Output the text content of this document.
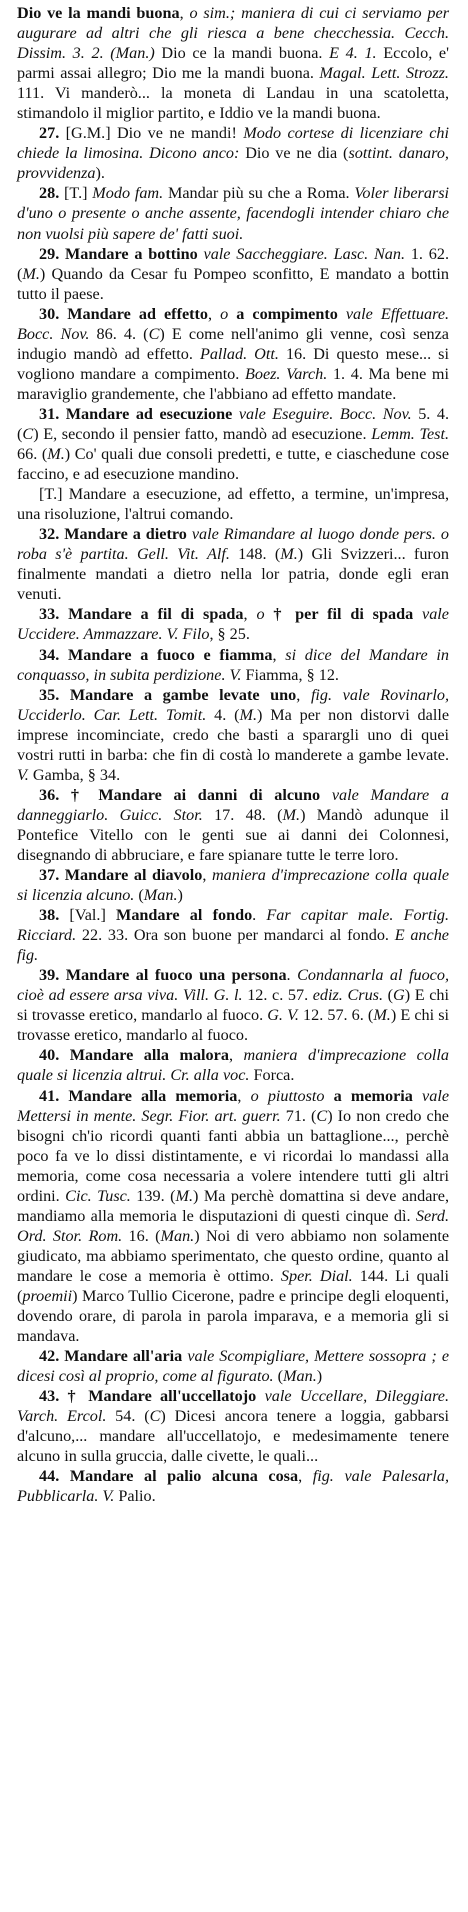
Dio ve la mandi buona, o sim.; maniera di cui ci serviamo per augurare ad altri che gli riesca a bene checchessia. Cecch. Dissim. 3. 2. (Man.) Dio ce la mandi buona. E 4. 1. Eccolo, e' parmi assai allegro; Dio me la mandi buona. Magal. Lett. Strozz. 111. Vi manderò... la moneta di Landau in una scatoletta, stimandolo il miglior partito, e Iddio ve la mandi buona.

27. [G.M.] Dio ve ne mandi! Modo cortese di licenziare chi chiede la limosina. Dicono anco: Dio ve ne dia (sottint. danaro, provvidenza).

28. [T.] Modo fam. Mandar più su che a Roma. Voler liberarsi d'uno o presente o anche assente, facendogli intender chiaro che non vuolsi più sapere de' fatti suoi.

29. Mandare a bottino vale Saccheggiare. Lasc. Nan. 1. 62. (M.) Quando da Cesar fu Pompeo sconfitto, E mandato a bottin tutto il paese.

30. Mandare ad effetto, o a compimento vale Effettuare. Bocc. Nov. 86. 4. (C) E come nell'animo gli venne, così senza indugio mandò ad effetto. Pallad. Ott. 16. Di questo mese... si vogliono mandare a compimento. Boez. Varch. 1. 4. Ma bene mi maraviglio grandemente, che l'abbiano ad effetto mandate.

31. Mandare ad esecuzione vale Eseguire. Bocc. Nov. 5. 4. (C) E, secondo il pensier fatto, mandò ad esecuzione. Lemm. Test. 66. (M.) Co' quali due consoli predetti, e tutte, e ciaschedune cose faccino, e ad esecuzione mandino.

[T.] Mandare a esecuzione, ad effetto, a termine, un'impresa, una risoluzione, l'altrui comando.

32. Mandare a dietro vale Rimandare al luogo donde pers. o roba s'è partita. Gell. Vit. Alf. 148. (M.) Gli Svizzeri... furon finalmente mandati a dietro nella lor patria, donde egli eran venuti.

33. Mandare a fil di spada, o † per fil di spada vale Uccidere. Ammazzare. V. Filo, § 25.

34. Mandare a fuoco e fiamma, si dice del Mandare in conquasso, in subita perdizione. V. Fiamma, § 12.

35. Mandare a gambe levate uno, fig. vale Rovinarlo, Ucciderlo. Car. Lett. Tomit. 4. (M.) Ma per non distorvi dalle imprese incominciate, credo che basti a sparargli uno di quei vostri rutti in barba: che fin di costà lo manderete a gambe levate. V. Gamba, § 34.

36. † Mandare ai danni di alcuno vale Mandare a danneggiarlo. Guicc. Stor. 17. 48. (M.) Mandò adunque il Pontefice Vitello con le genti sue ai danni dei Colonnesi, disegnando di abbruciare, e fare spianare tutte le terre loro.

37. Mandare al diavolo, maniera d'imprecazione colla quale si licenzia alcuno. (Man.)

38. [Val.] Mandare al fondo. Far capitar male. Fortig. Ricciard. 22. 33. Ora son buone per mandarci al fondo. E anche fig.

39. Mandare al fuoco una persona. Condannarla al fuoco, cioè ad essere arsa viva. Vill. G. l. 12. c. 57. ediz. Crus. (G) E chi si trovasse eretico, mandarlo al fuoco. G. V. 12. 57. 6. (M.) E chi si trovasse eretico, mandarlo al fuoco.

40. Mandare alla malora, maniera d'imprecazione colla quale si licenzia altrui. Cr. alla voc. Forca.

41. Mandare alla memoria, o piuttosto a memoria vale Mettersi in mente. Segr. Fior. art. guerr. 71. (C) Io non credo che bisogni ch'io ricordi quanti fanti abbia un battaglione..., perchè poco fa ve lo dissi distintamente, e vi ricordai lo mandassi alla memoria, come cosa necessaria a volere intendere tutti gli altri ordini. Cic. Tusc. 139. (M.) Ma perchè domattina si deve andare, mandiamo alla memoria le disputazioni di questi cinque dì. Serd. Ord. Stor. Rom. 16. (Man.) Noi di vero abbiamo non solamente giudicato, ma abbiamo sperimentato, che questo ordine, quanto al mandare le cose a memoria è ottimo. Sper. Dial. 144. Li quali (proemii) Marco Tullio Cicerone, padre e principe degli eloquenti, dovendo orare, di parola in parola imparava, e a memoria gli si mandava.

42. Mandare all'aria vale Scompigliare, Mettere sossopra ; e dicesi così al proprio, come al figurato. (Man.)

43. † Mandare all'uccellatojo vale Uccellare, Dileggiare. Varch. Ercol. 54. (C) Dicesi ancora tenere a loggia, gabbarsi d'alcuno,... mandare all'uccellatojo, e medesimamente tenere alcuno in sulla gruccia, dalle civette, le quali...

44. Mandare al palio alcuna cosa, fig. vale Palesarla, Pubblicarla. V. Palio.
